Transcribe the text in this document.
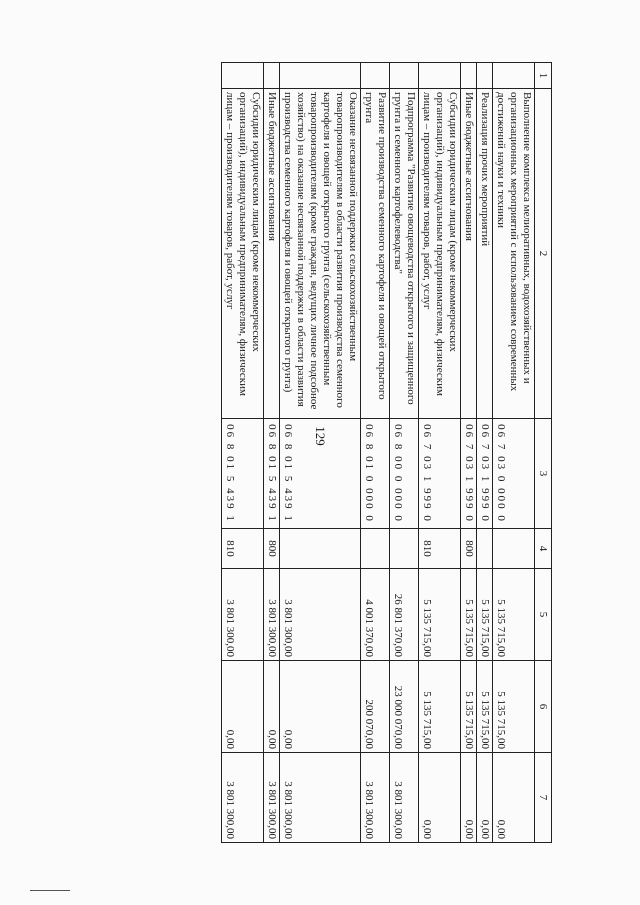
129
1	2	3	4	5	6	7
	Выполнение комплекса мелиоративных, водохозяйственных и организационных мероприятий с использованием современных достижений науки и техники	06 7 03 0 000 0		5 135 715,00	5 135 715,00	0,00
	Реализация прочих мероприятий	06 7 03 1 999 0		5 135 715,00	5 135 715,00	0,00
	Иные бюджетные ассигнования	06 7 03 1 999 0	800	5 135 715,00	5 135 715,00	0,00
	Субсидии юридическим лицам (кроме некоммерческих организаций), индивидуальным предпринимателям, физическим лицам – производителям товаров, работ, услуг	06 7 03 1 999 0	810	5 135 715,00	5 135 715,00	0,00
	Подпрограмма "Развитие овощеводства открытого и защищенного грунта и семенного картофелеводства"	06 8 00 0 000 0		26 801 370,00	23 000 070,00	3 801 300,00
	Развитие производства семенного картофеля и овощей открытого грунта	06 8 01 0 000 0		4 001 370,00	200 070,00	3 801 300,00
	Оказание несвязанной поддержки сельскохозяйственным товаропроизводителям в области развития производства семенного картофеля и овощей открытого грунта (сельскохозяйственным товаропроизводителям (кроме граждан, ведущих личное подсобное хозяйство) на оказание несвязанной поддержки в области развития производства семенного картофеля и овощей открытого грунта)	06 8 01 5 439 1		3 801 300,00	0,00	3 801 300,00
	Иные бюджетные ассигнования	06 8 01 5 439 1	800	3 801 300,00	0,00	3 801 300,00
	Субсидии юридическим лицам (кроме некоммерческих организаций), индивидуальным предпринимателям, физическим лицам – производителям товаров, работ, услуг	06 8 01 5 439 1	810	3 801 300,00	0,00	3 801 300,00
